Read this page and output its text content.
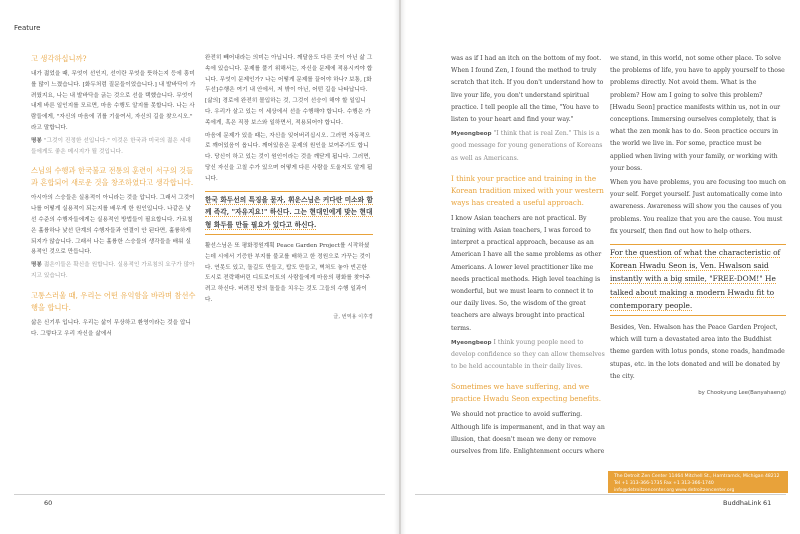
Feature
고 생각하십니까?

내가 젊었을 때, 무엇이 선인지, 선이란 무엇을 뜻하는지 등에 흥미를 많이 느꼈습니다. [화두처럼 질문들이었습니다.] 내 발바닥이 가려웠지요, 나는 내 발바닥을 긁는 것으로 선을 택했습니다. 무엇이 내게 바른 일인지를 모르면, 마음 수행도 알지를 못합니다. 나는 사람들에게, "자신의 마음에 귀를 기울여서, 자신의 길을 찾으시오." 라고 말합니다.

명봉 "그것이 진정한 선입니다." 이것은 한국과 미국의 젊은 세대들에게도 좋은 메시지가 될 것입니다.

스님의 수행과 한국불교 전통의 훈련이 서구의 것들과 혼합되어 새로운 것을 창조하였다고 생각합니다.

아시아의 스승들은 실용적이 아니라는 것을 압니다. 그래서 그것이 나를 어떻게 실용적이 되는지를 배우게 한 원인입니다. 나같은 낯선 수준의 수행자들에게는 실용적인 방법들이 필요합니다. 가르침은 훌륭하나 낯선 단계의 수행자들과 연결이 안 된다면, 훌륭하게 되지가 않습니다. 그래서 나는 훌륭한 스승들의 생각들을 배워 실용적인 것으로 만듭니다.

명봉 젊은이들은 확신을 원합니다. 실용적인 가르침의 요구가 많아지고 있습니다.

고통스러울 때, 우리는 어떤 유익함을 바라며 참선수행을 합니다.

삶은 신기루 입니다. 우리는 삶이 무상하고 환영이라는 것을 압니다. 그렇다고 우리 자신을 삶에서

완전히 빼어내라는 의미는 아닙니다. 깨달음도 다른 곳이 아닌 삶 그 속에 있습니다. 문제를 풀기 위해서는, 자신을 문제에 적용시켜야 합니다. 무엇이 문제인가? 나는 어떻게 문제를 끌어야 하나? 보통, [화두선]수행은 여기 내 안에서, 저 밖이 아닌, 어떤 길을 나타납니다. [삶의] 경로에 완전히 몰입하는 것, 그것이 선승이 해야 할 일입니다. 우리가 살고 있는 이 세상에서 선을 수행해야 합니다. 수행은 가족에게, 혹은 직장 보스와 일하면서, 적용되어야 합니다.

마음에 문제가 있을 때는, 자신을 잊어버리십시오. 그러면 자동적으로 깨어있음이 옵니다. 깨어있음은 문제의 원인을 보여주기도 합니다. 당신이 하고 있는 것이 원인이라는 것을 깨닫게 됩니다. 그러면, 당신 자신을 고칠 수가 있으며 어떻게 다른 사람을 도울지도 알게 됩니다.

한국 화두선의 특징을 묻자, 휘운스님은 커다란 미소와 함께 즉각, "자유지요!" 하신다. 그는 현대인에게 맞는 현대형 화두를 만들 필요가 있다고 하신다.

활선스님은 또 평화정원계획 Peace Garden Project를 시작하셨는데 시에서 기증한 부지를 불교를 배하고 한 정원으로 가꾸는 것이다. 연못도 있고, 돌길도 만들고, 탑도 만들고, 벽처도 놓아 빈곤한 도시로 전락해버린 디트로이트의 사람들에게 마음의 평화를 찾아주려고 하신다. 버려진 땅의 돌들을 치우는 것도 그들의 수행 일과이다.

글, 번역용 이후경
60

was as if I had an itch on the bottom of my foot. When I found Zen, I found the method to truly scratch that itch. If you don't understand how to live your life, you don't understand spiritual practice. I tell people all the time, "You have to listen to your heart and find your way."

Myeongbeop "I think that is real Zen." This is a good message for young generations of Koreans as well as Americans.

I think your practice and training in the Korean tradition mixed with your western ways has created a useful approach.

I know Asian teachers are not practical. By training with Asian teachers, I was forced to interpret a practical approach, because as an American I have all the same problems as other Americans. A lower level practitioner like me needs practical methods. High level teaching is wonderful, but we must learn to connect it to our daily lives. So, the wisdom of the great teachers are always brought into practical terms.

Myeongbeop I think young people need to develop confidence so they can allow themselves to be held accountable in their daily lives.

Sometimes we have suffering, and we practice Hwadu Seon expecting benefits.

We should not practice to avoid suffering. Although life is impermanent, and in that way an illusion, that doesn't mean we deny or remove ourselves from life. Enlightenment occurs where

we stand, in this world, not some other place. To solve the problems of life, you have to apply yourself to those problems directly. Not avoid them. What is the problem? How am I going to solve this problem? [Hwadu Seon] practice manifests within us, not in our conceptions. Immersing ourselves completely, that is what the zen monk has to do. Seon practice occurs in the world we live in. For some, practice must be applied when living with your family, or working with your boss.

When you have problems, you are focusing too much on your self. Forget yourself. Just automatically come into awareness. Awareness will show you the causes of you problems. You realize that you are the cause. You must fix yourself, then find out how to help others.

For the question of what the characteristic of Korean Hwadu Seon is, Ven. Hwalson said instantly with a big smile, "FREE-DOM!" He talked about making a modern Hwadu fit to contemporary people.

Besides, Ven. Hwalson has the Peace Garden Project, which will turn a devastated area into the Buddhist theme garden with lotus ponds, stone roads, handmade stupas, etc. in the lots donated and will be donated by the city.

by Chookyung Lee(Banyahaeng)
The Detroit Zen Center 11464 Mitchell St., Hamtramck, Michigan 48212
Tel +1 313-366-1735 Fax +1 313-366-1740
info@detroitzencenter.org www.detroitzencenter.org
BuddhaLink 61
